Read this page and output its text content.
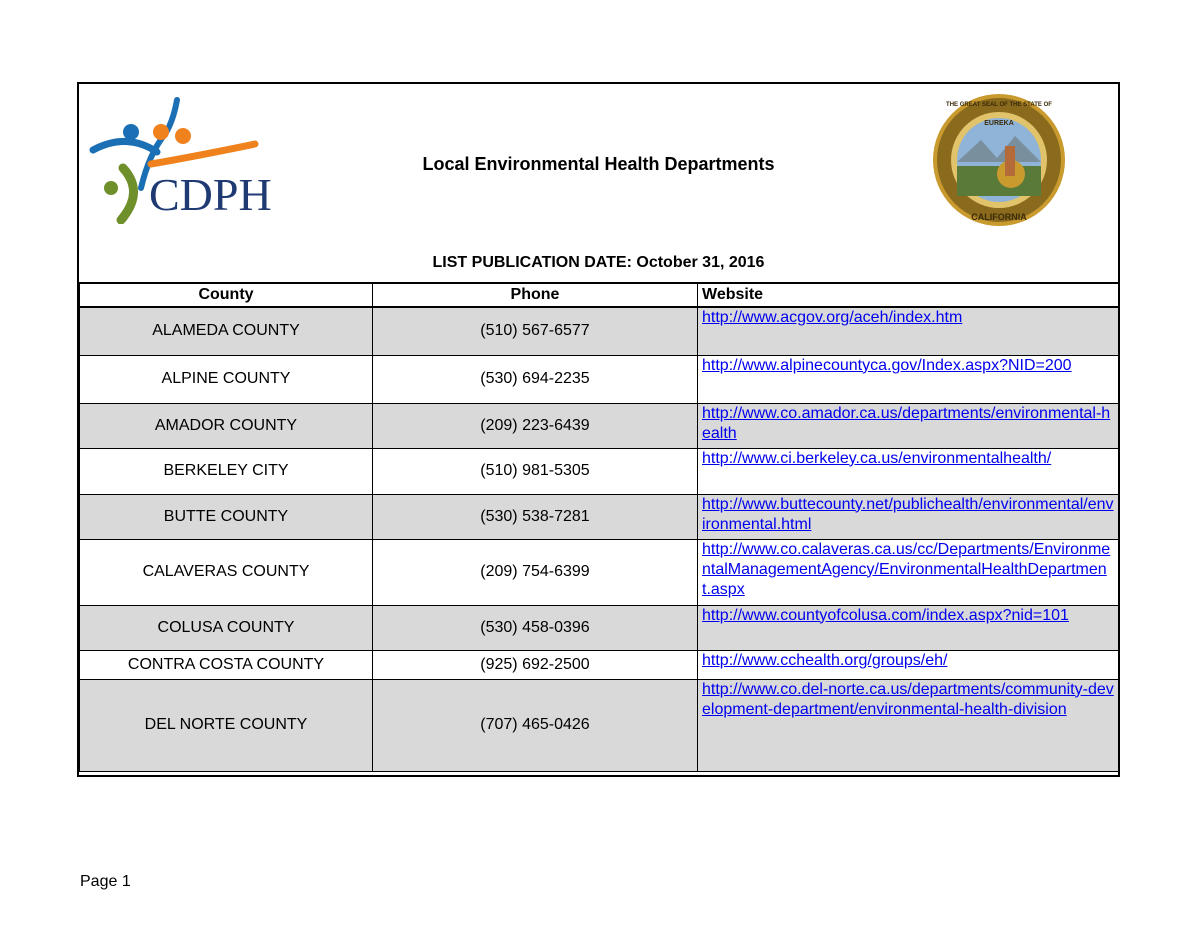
CDPH
Local Environmental Health Departments
EUREKA
CALIFORNIA
THE GREAT SEAL OF THE STATE OF
LIST PUBLICATION DATE: October 31, 2016
County	Phone	Website
ALAMEDA COUNTY	(510) 567-6577	http://www.acgov.org/aceh/index.htm
ALPINE COUNTY	(530) 694-2235	http://www.alpinecountyca.gov/Index.aspx?NID=200
AMADOR COUNTY	(209) 223-6439	http://www.co.amador.ca.us/departments/environmental-health
BERKELEY CITY	(510) 981-5305	http://www.ci.berkeley.ca.us/environmentalhealth/
BUTTE COUNTY	(530) 538-7281	http://www.buttecounty.net/publichealth/environmental/environmental.html
CALAVERAS COUNTY	(209) 754-6399	http://www.co.calaveras.ca.us/cc/Departments/EnvironmentalManagementAgency/EnvironmentalHealthDepartment.aspx
COLUSA COUNTY	(530) 458-0396	http://www.countyofcolusa.com/index.aspx?nid=101
CONTRA COSTA COUNTY	(925) 692-2500	http://www.cchealth.org/groups/eh/
DEL NORTE COUNTY	(707) 465-0426	http://www.co.del-norte.ca.us/departments/community-development-department/environmental-health-division
Page 1
